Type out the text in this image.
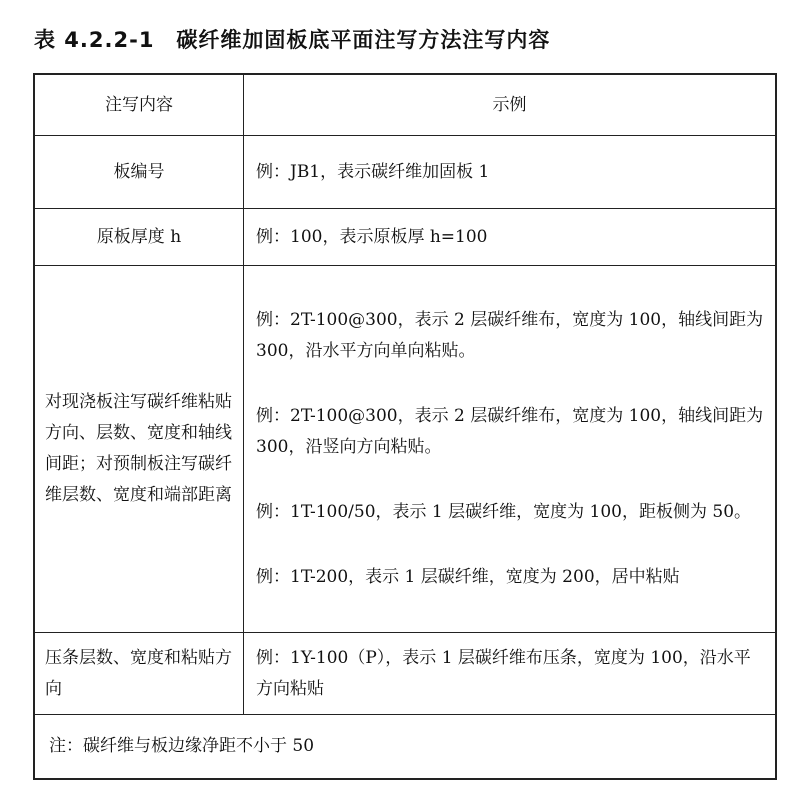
表 4.2.2-1　碳纤维加固板底平面注写方法注写内容
注写内容	示例
板编号	例：JB1，表示碳纤维加固板 1
原板厚度 h	例：100，表示原板厚 h=100
对现浇板注写碳纤维粘贴方向、层数、宽度和轴线间距；对预制板注写碳纤维层数、宽度和端部距离	例：2T-100@300，表示 2 层碳纤维布，宽度为 100，轴线间距为 300，沿水平方向单向粘贴。

例：2T-100@300，表示 2 层碳纤维布，宽度为 100，轴线间距为 300，沿竖向方向粘贴。

例：1T-100/50，表示 1 层碳纤维，宽度为 100，距板侧为 50。

例：1T-200，表示 1 层碳纤维，宽度为 200，居中粘贴

压条层数、宽度和粘贴方向	例：1Y-100（P），表示 1 层碳纤维布压条，宽度为 100，沿水平方向粘贴
注：碳纤维与板边缘净距不小于 50	
